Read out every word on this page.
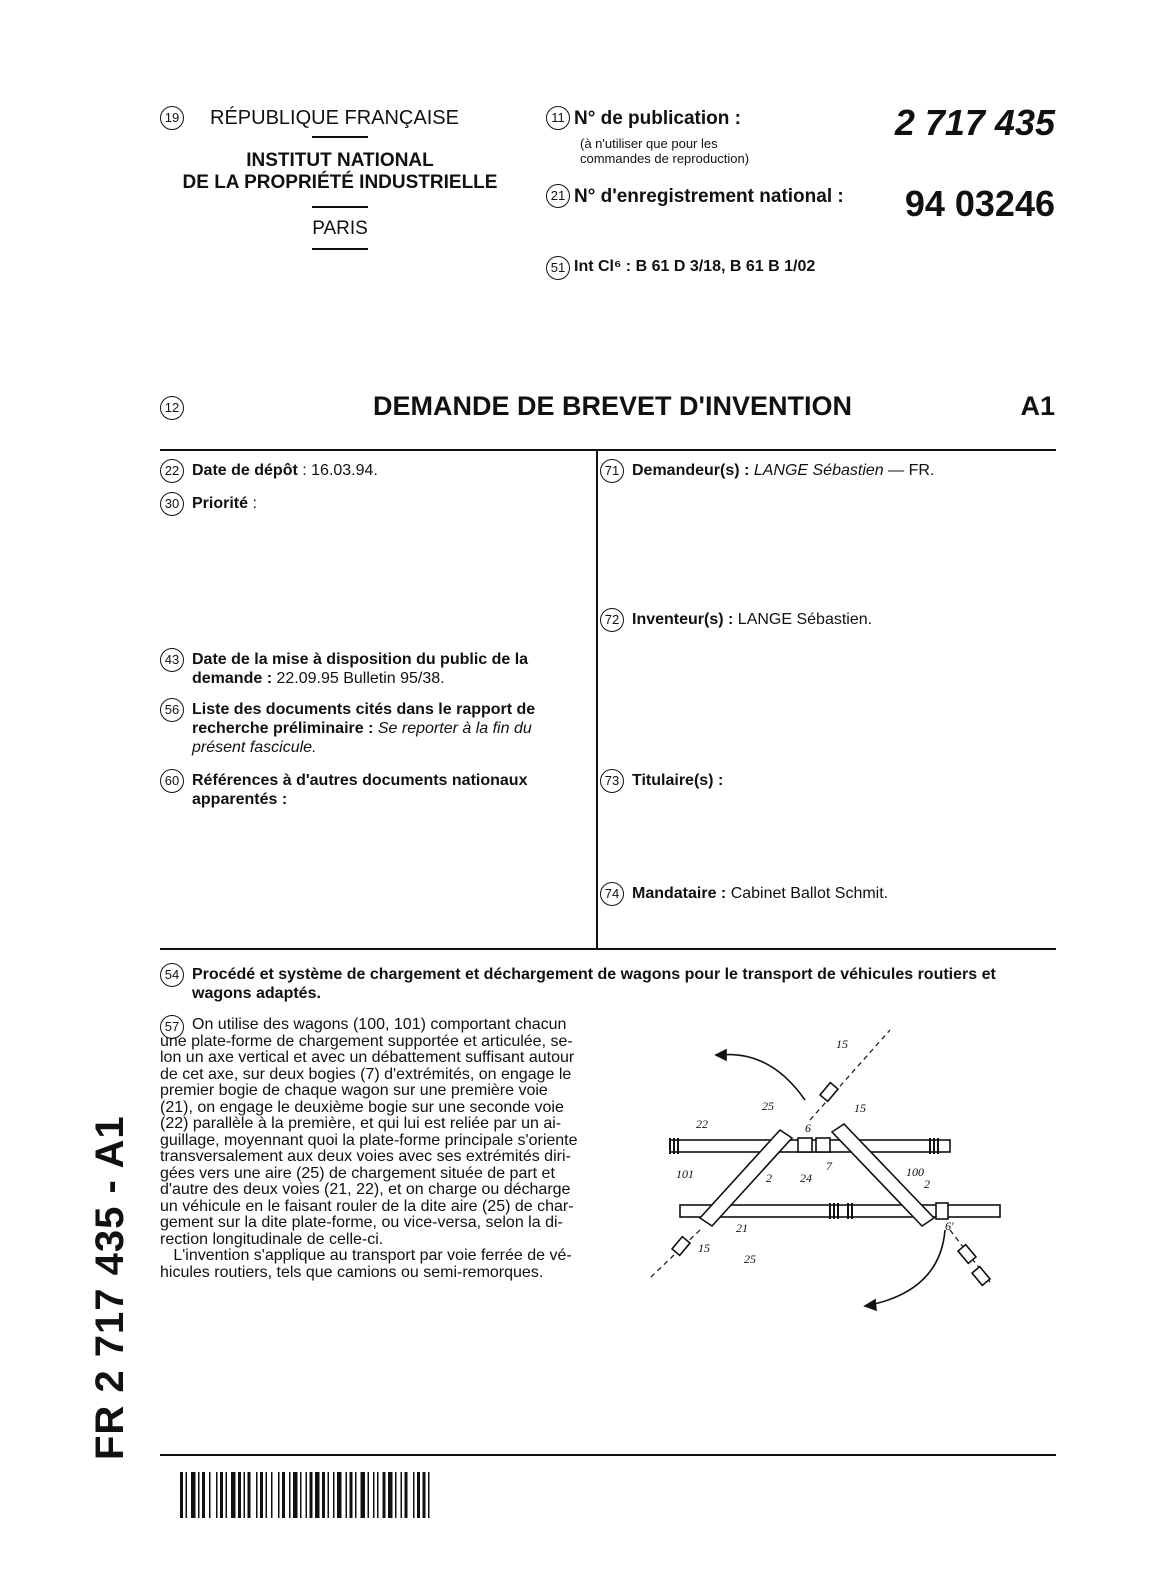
19 RÉPUBLIQUE FRANÇAISE
INSTITUT NATIONAL
DE LA PROPRIÉTÉ INDUSTRIELLE
PARIS
11 N° de publication :
(à n'utiliser que pour les
commandes de reproduction)
2 717 435
21 N° d'enregistrement national : 94 03246
51 Int Cl⁶ : B 61 D 3/18, B 61 B 1/02
12	DEMANDE DE BREVET D'INVENTION	A1
22 Date de dépôt : 16.03.94.
30 Priorité :
43 Date de la mise à disposition du public de la
demande : 22.09.95 Bulletin 95/38.
56 Liste des documents cités dans le rapport de
recherche préliminaire : Se reporter à la fin du
présent fascicule.
60 Références à d'autres documents nationaux
apparentés :
71 Demandeur(s) : LANGE Sébastien — FR.
72 Inventeur(s) : LANGE Sébastien.
73 Titulaire(s) :
74 Mandataire : Cabinet Ballot Schmit.
54 Procédé et système de chargement et déchargement de wagons pour le transport de véhicules routiers et
wagons adaptés.
57 On utilise des wagons (100, 101) comportant chacun
une plate-forme de chargement supportée et articulée, se-
lon un axe vertical et avec un débattement suffisant autour
de cet axe, sur deux bogies (7) d'extrémités, on engage le
premier bogie de chaque wagon sur une première voie
(21), on engage le deuxième bogie sur une seconde voie
(22) parallèle à la première, et qui lui est reliée par un ai-
guillage, moyennant quoi la plate-forme principale s'oriente
transversalement aux deux voies avec ses extrémités diri-
gées vers une aire (25) de chargement située de part et
d'autre des deux voies (21, 22), et on charge ou décharge
un véhicule en le faisant rouler de la dite aire (25) de char-
gement sur la dite plate-forme, ou vice-versa, selon la di-
rection longitudinale de celle-ci.
L'invention s'applique au transport par voie ferrée de vé-
hicules routiers, tels que camions ou semi-remorques.
15
15
15
25
25
22	6
6'
7
101	100
2	2
24
21
FR 2 717 435 - A1
